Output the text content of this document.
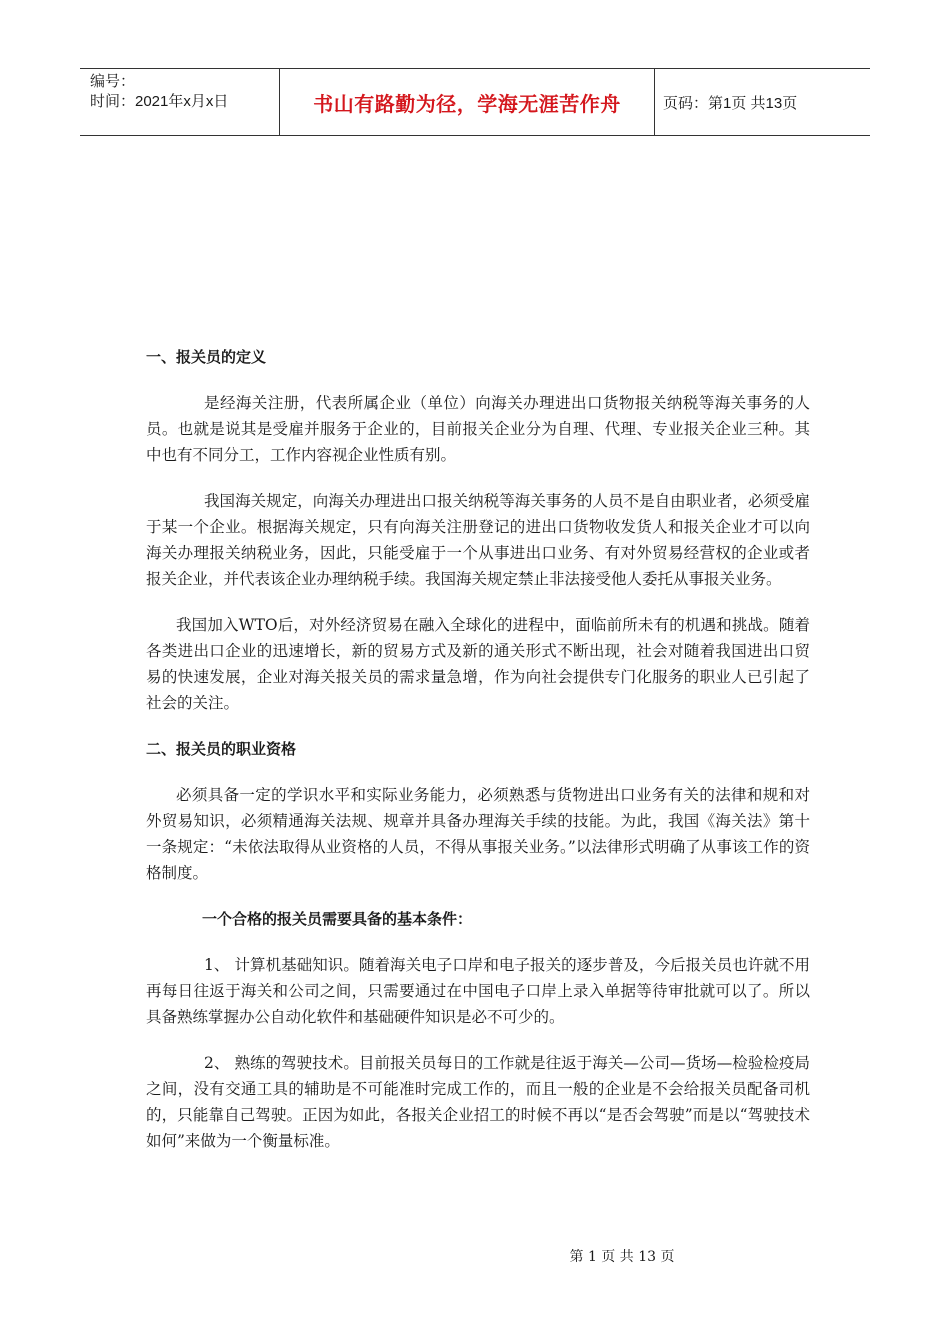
编号：
时间：2021年x月x日	书山有路勤为径，学海无涯苦作舟	页码：第1页 共13页
一、报关员的定义

是经海关注册，代表所属企业（单位）向海关办理进出口货物报关纳税等海关事务的人员。也就是说其是受雇并服务于企业的，目前报关企业分为自理、代理、专业报关企业三种。其中也有不同分工，工作内容视企业性质有别。

我国海关规定，向海关办理进出口报关纳税等海关事务的人员不是自由职业者，必须受雇于某一个企业。根据海关规定，只有向海关注册登记的进出口货物收发货人和报关企业才可以向海关办理报关纳税业务，因此，只能受雇于一个从事进出口业务、有对外贸易经营权的企业或者报关企业，并代表该企业办理纳税手续。我国海关规定禁止非法接受他人委托从事报关业务。

我国加入WTO后，对外经济贸易在融入全球化的进程中，面临前所未有的机遇和挑战。随着各类进出口企业的迅速增长，新的贸易方式及新的通关形式不断出现，社会对随着我国进出口贸易的快速发展，企业对海关报关员的需求量急增，作为向社会提供专门化服务的职业人已引起了社会的关注。

二、报关员的职业资格

必须具备一定的学识水平和实际业务能力，必须熟悉与货物进出口业务有关的法律和规和对外贸易知识，必须精通海关法规、规章并具备办理海关手续的技能。为此，我国《海关法》第十一条规定：“未依法取得从业资格的人员，不得从事报关业务。”以法律形式明确了从事该工作的资格制度。

一个合格的报关员需要具备的基本条件：

1、 计算机基础知识。随着海关电子口岸和电子报关的逐步普及，今后报关员也许就不用再每日往返于海关和公司之间，只需要通过在中国电子口岸上录入单据等待审批就可以了。所以具备熟练掌握办公自动化软件和基础硬件知识是必不可少的。

2、 熟练的驾驶技术。目前报关员每日的工作就是往返于海关—公司—货场—检验检疫局之间，没有交通工具的辅助是不可能准时完成工作的，而且一般的企业是不会给报关员配备司机的，只能靠自己驾驶。正因为如此，各报关企业招工的时候不再以“是否会驾驶”而是以“驾驶技术如何”来做为一个衡量标准。

第 1 页 共 13 页
